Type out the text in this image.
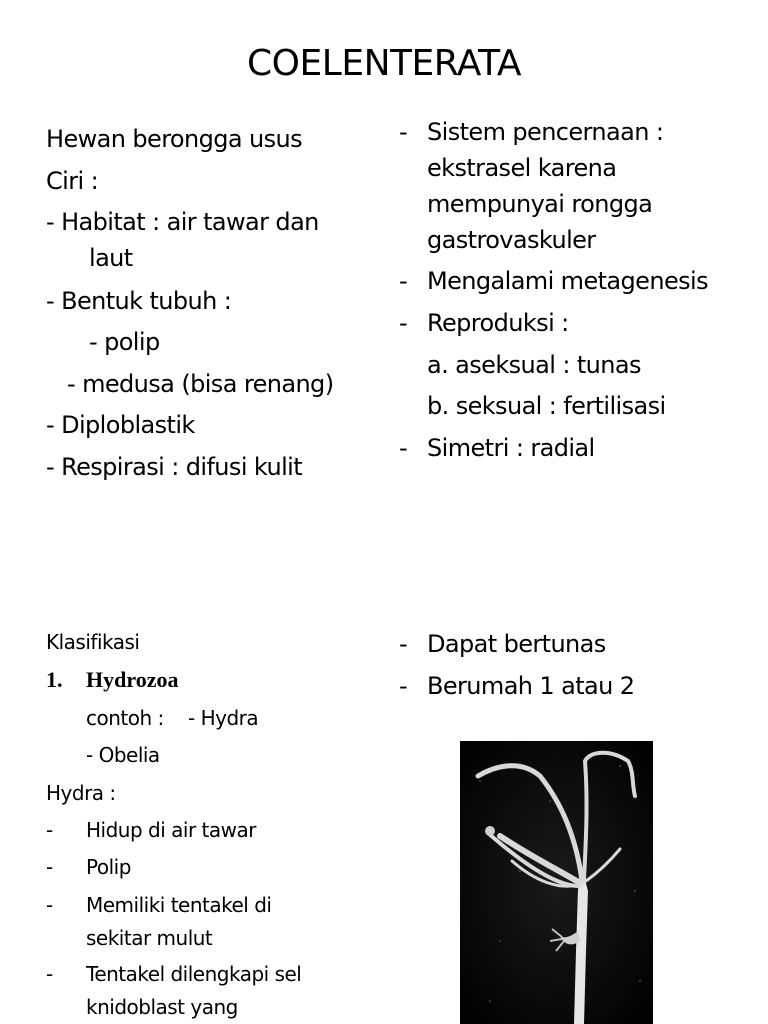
COELENTERATA
Hewan berongga usus
Ciri :
- Habitat : air tawar dan
laut
- Bentuk tubuh :
- polip
- medusa (bisa renang)
- Diploblastik
- Respirasi : difusi kulit
- Sistem pencernaan :
ekstrasel karena
mempunyai rongga
gastrovaskuler
- Mengalami metagenesis
- Reproduksi :
a. aseksual : tunas
b. seksual : fertilisasi
- Simetri : radial
Klasifikasi
1. Hydrozoa
contoh : - Hydra
- Obelia
Hydra :
- Hidup di air tawar
- Polip
- Memiliki tentakel di
sekitar mulut
- Tentakel dilengkapi sel
knidoblast yang
- Dapat bertunas
- Berumah 1 atau 2
